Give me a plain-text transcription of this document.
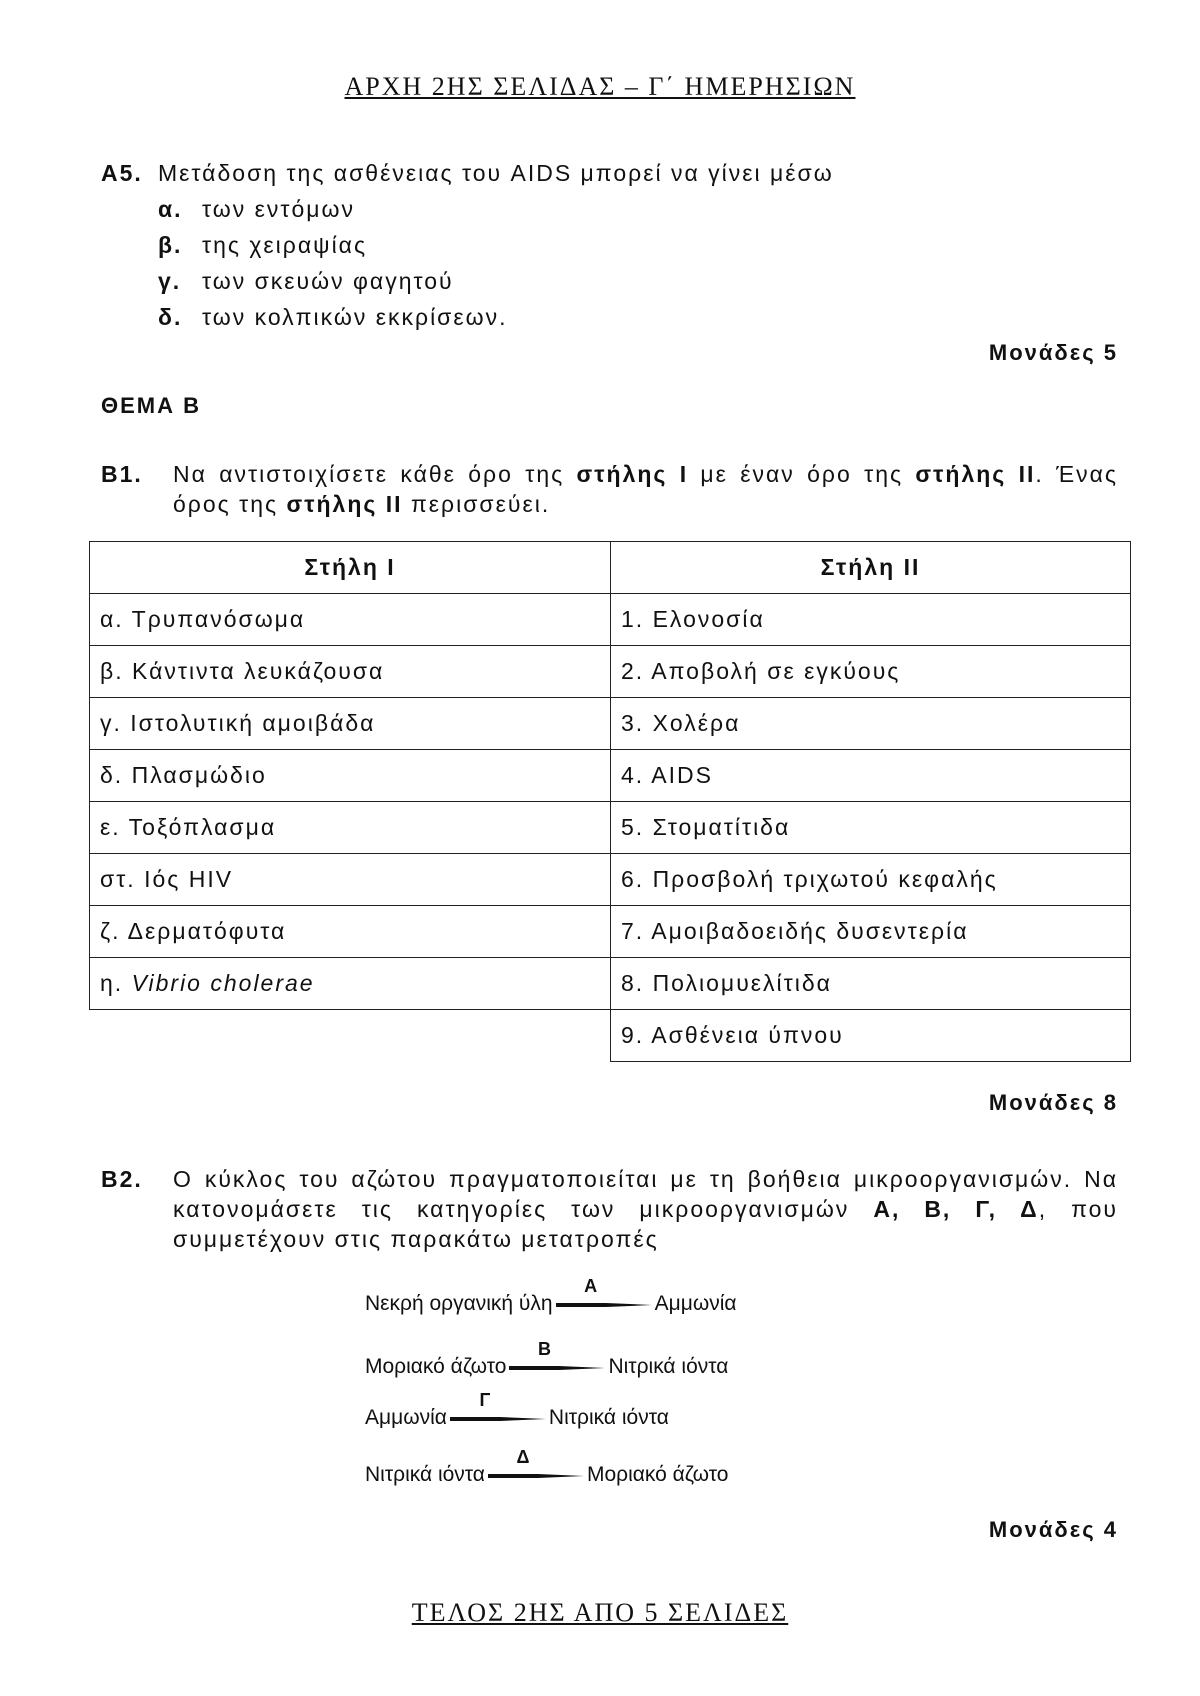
ΑΡΧΗ 2ΗΣ ΣΕΛΙΔΑΣ – Γ΄ ΗΜΕΡΗΣΙΩΝ
Α5. Μετάδοση της ασθένειας του AIDS μπορεί να γίνει μέσω
α. των εντόμων
β. της χειραψίας
γ. των σκευών φαγητού
δ. των κολπικών εκκρίσεων.
Μονάδες 5
ΘΕΜΑ Β
Β1. Να αντιστοιχίσετε κάθε όρο της στήλης Ι με έναν όρο της στήλης ΙΙ. Ένας όρος της στήλης ΙΙ περισσεύει.
Στήλη Ι	Στήλη ΙΙ
α. Τρυπανόσωμα	1. Ελονοσία
β. Κάντιντα λευκάζουσα	2. Αποβολή σε εγκύους
γ. Ιστολυτική αμοιβάδα	3. Χολέρα
δ. Πλασμώδιο	4. AIDS
ε. Τοξόπλασμα	5. Στοματίτιδα
στ. Ιός HIV	6. Προσβολή τριχωτού κεφαλής
ζ. Δερματόφυτα	7. Αμοιβαδοειδής δυσεντερία
η. Vibrio cholerae	8. Πολιομυελίτιδα
	9. Ασθένεια ύπνου
Μονάδες 8
Β2. Ο κύκλος του αζώτου πραγματοποιείται με τη βοήθεια μικροοργανισμών. Να κατονομάσετε τις κατηγορίες των μικροοργανισμών Α, Β, Γ, Δ, που συμμετέχουν στις παρακάτω μετατροπές
Νεκρή οργανική ύλη
Α
Αμμωνία
Μοριακό άζωτο
Β
Νιτρικά ιόντα
Αμμωνία
Γ
Νιτρικά ιόντα
Νιτρικά ιόντα
Δ
Μοριακό άζωτο
Μονάδες 4
ΤΕΛΟΣ 2ΗΣ ΑΠΟ 5 ΣΕΛΙΔΕΣ
